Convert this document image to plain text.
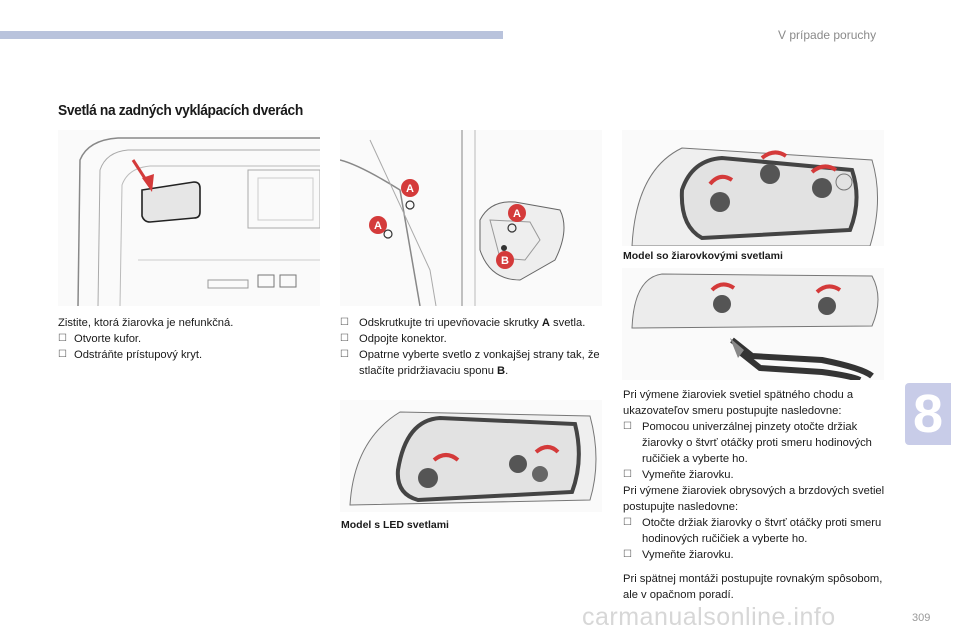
V prípade poruchy
Svetlá na zadných vyklápacích dverách
A
A
A
B	Model so žiarovkovými svetlami
Model s LED svetlami
Zistite, ktorá žiarovka je nefunkčná.
☐ Otvorte kufor.
☐ Odstráňte prístupový kryt.
☐ Odskrutkujte tri upevňovacie skrutky A svetla.
☐ Odpojte konektor.
☐ Opatrne vyberte svetlo z vonkajšej strany tak, že stlačíte pridržiavaciu sponu B.
Pri výmene žiaroviek svetiel spätného chodu a ukazovateľov smeru postupujte nasledovne:
☐ Pomocou univerzálnej pinzety otočte držiak žiarovky o štvrť otáčky proti smeru hodinových ručičiek a vyberte ho.
☐ Vymeňte žiarovku.
Pri výmene žiaroviek obrysových a brzdových svetiel postupujte nasledovne:
☐ Otočte držiak žiarovky o štvrť otáčky proti smeru hodinových ručičiek a vyberte ho.
☐ Vymeňte žiarovku.
Pri spätnej montáži postupujte rovnakým spôsobom, ale v opačnom poradí.
8
carmanualsonline.info	309
